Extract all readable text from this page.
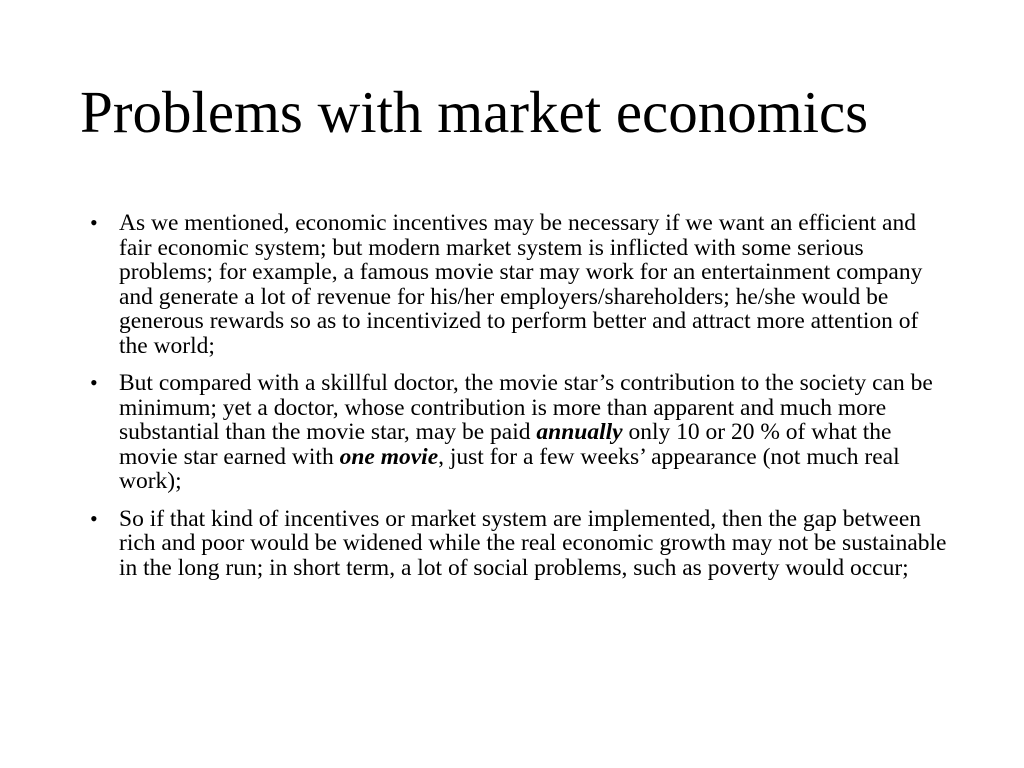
Problems with market economics
• As we mentioned, economic incentives may be necessary if we want an efficient and fair economic system; but modern market system is inflicted with some serious problems; for example, a famous movie star may work for an entertainment company and generate a lot of revenue for his/her employers/shareholders; he/she would be generous rewards so as to incentivized to perform better and attract more attention of the world;
• But compared with a skillful doctor, the movie star’s contribution to the society can be minimum; yet a doctor, whose contribution is more than apparent and much more substantial than the movie star, may be paid annually only 10 or 20 % of what the movie star earned with one movie, just for a few weeks’ appearance (not much real work);
• So if that kind of incentives or market system are implemented, then the gap between rich and poor would be widened while the real economic growth may not be sustainable in the long run; in short term, a lot of social problems, such as poverty would occur;
